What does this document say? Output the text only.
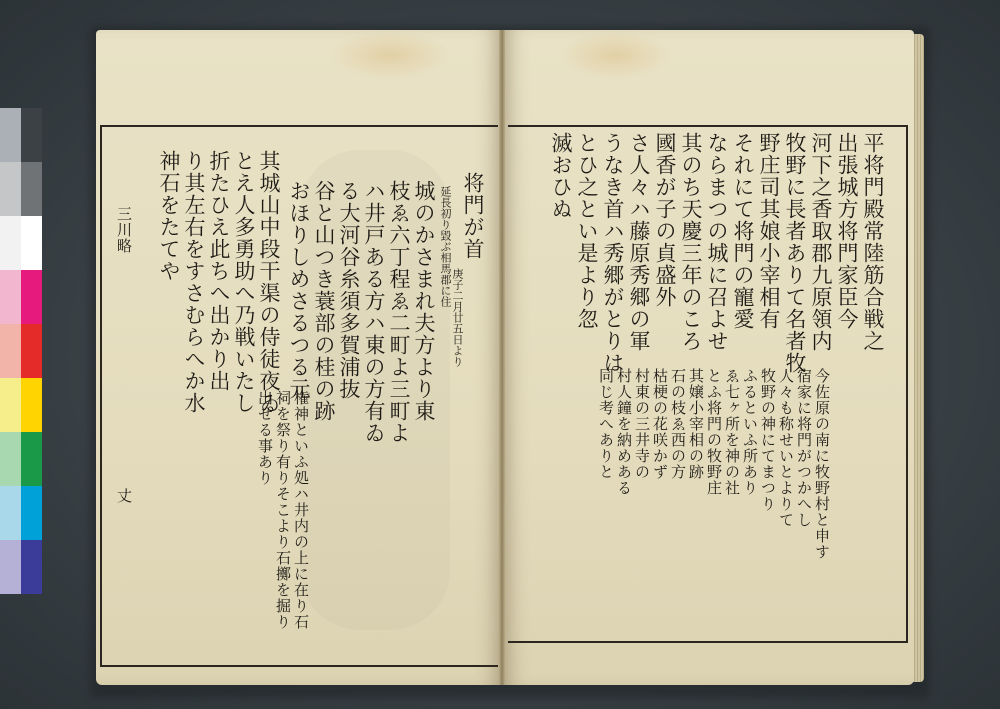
三川略
丈
将門が首
庚子二月廿五日より
延長初り毀ぶ相馬郡に住
城のかさまれ夫方より東
枝ゑ六丁程ゑ二町よ三町よ
ハ井戸ある方ハ東の方有ゐ
る大河谷糸須多賀浦抜
谷と山つき蓑部の桂の跡
おほりしめさるつる元
其城山中段干渠の侍徒夜ゐ
とえ人多勇助へ乃戦いたし
折たひえ此ちへ出かり出
り其左右をすさむらへか水
神石をたてや
権神といふ処ハ井内の上に在り石
祠を祭り有りそこより石擲を掘り
出せる事あり
平将門殿常陸筋合戦之
出張城方将門家臣今
河下之香取郡九原領内
牧野に長者ありて名者牧
野庄司其娘小宰相有
それにて将門の寵愛
ならまつの城に召よせ
其のち天慶三年のころ
國香が子の貞盛外
さ人々ハ藤原秀郷の軍
うなき首ハ秀郷がとりは
とひ之とい是より忽
滅おひぬ
今佐原の南に牧野村と申す
宿家に将門がつかへし
人々も称せいとよりて
牧野の神にてまつり
ふるといふ所あり
ゑ七ヶ所を神の社
とふ将門の牧野庄
其嬢小宰相の跡
石の枝ゑ西の方
枯梗の花咲かず
村東の三井寺の
村人鐘を納めある
同じ考へありと
